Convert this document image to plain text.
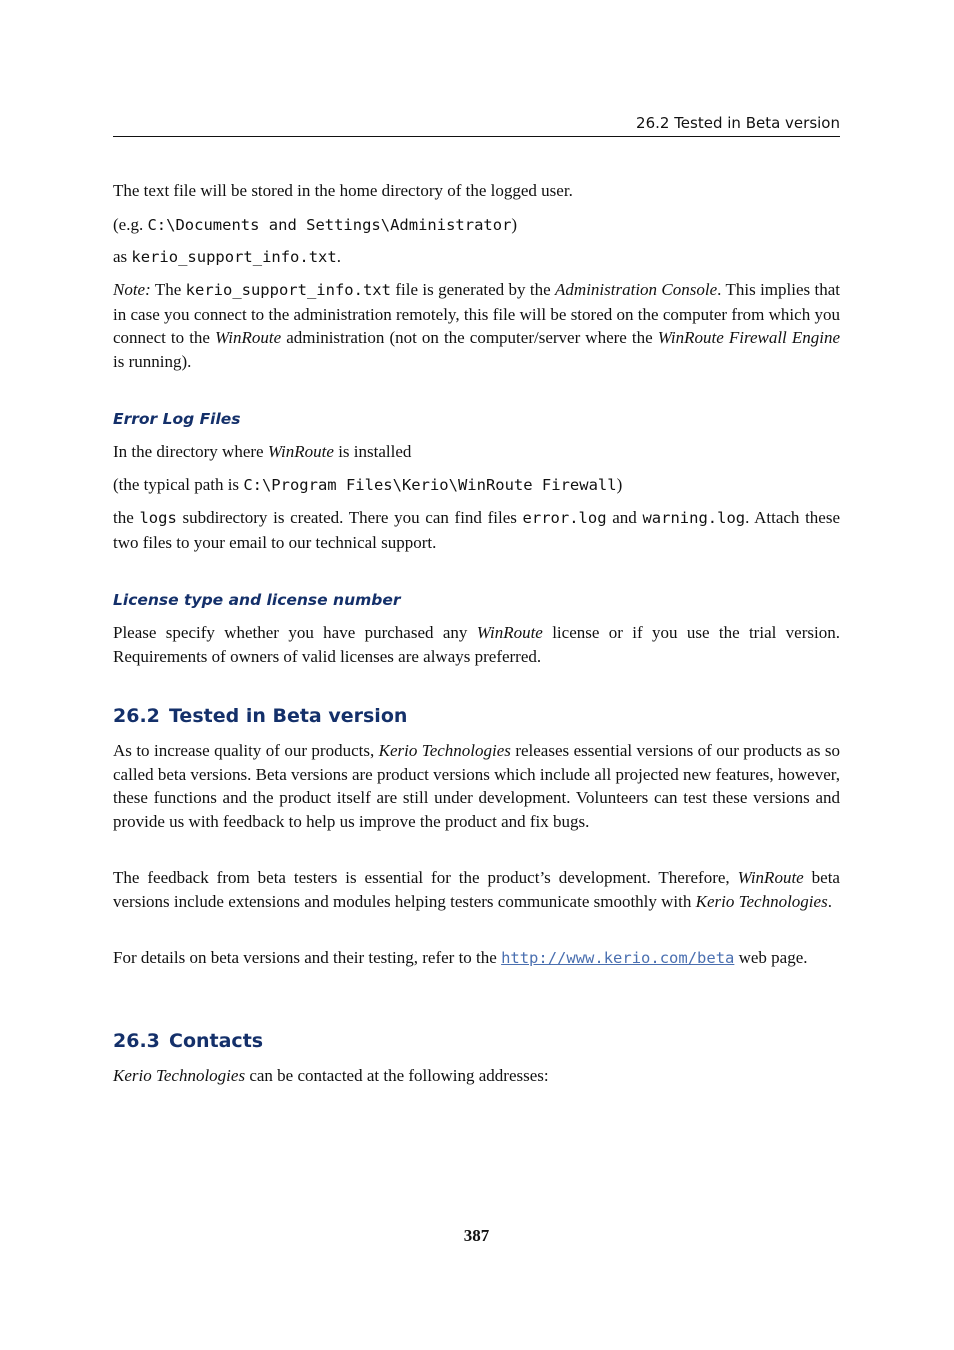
26.2 Tested in Beta version
The text file will be stored in the home directory of the logged user.
(e.g. C:\Documents and Settings\Administrator)
as kerio_support_info.txt.
Note: The kerio_support_info.txt file is generated by the Administration Console. This implies that in case you connect to the administration remotely, this file will be stored on the computer from which you connect to the WinRoute administration (not on the computer/server where the WinRoute Firewall Engine is running).
Error Log Files
In the directory where WinRoute is installed
(the typical path is C:\Program Files\Kerio\WinRoute Firewall)
the logs subdirectory is created. There you can find files error.log and warning.log. Attach these two files to your email to our technical support.
License type and license number
Please specify whether you have purchased any WinRoute license or if you use the trial version. Requirements of owners of valid licenses are always preferred.
26.2 Tested in Beta version
As to increase quality of our products, Kerio Technologies releases essential versions of our products as so called beta versions. Beta versions are product versions which include all projected new features, however, these functions and the product itself are still under development. Volunteers can test these versions and provide us with feedback to help us improve the product and fix bugs.
The feedback from beta testers is essential for the product’s development. Therefore, WinRoute beta versions include extensions and modules helping testers communicate smoothly with Kerio Technologies.
For details on beta versions and their testing, refer to the http://www.kerio.com/beta web page.
26.3 Contacts
Kerio Technologies can be contacted at the following addresses:
387
